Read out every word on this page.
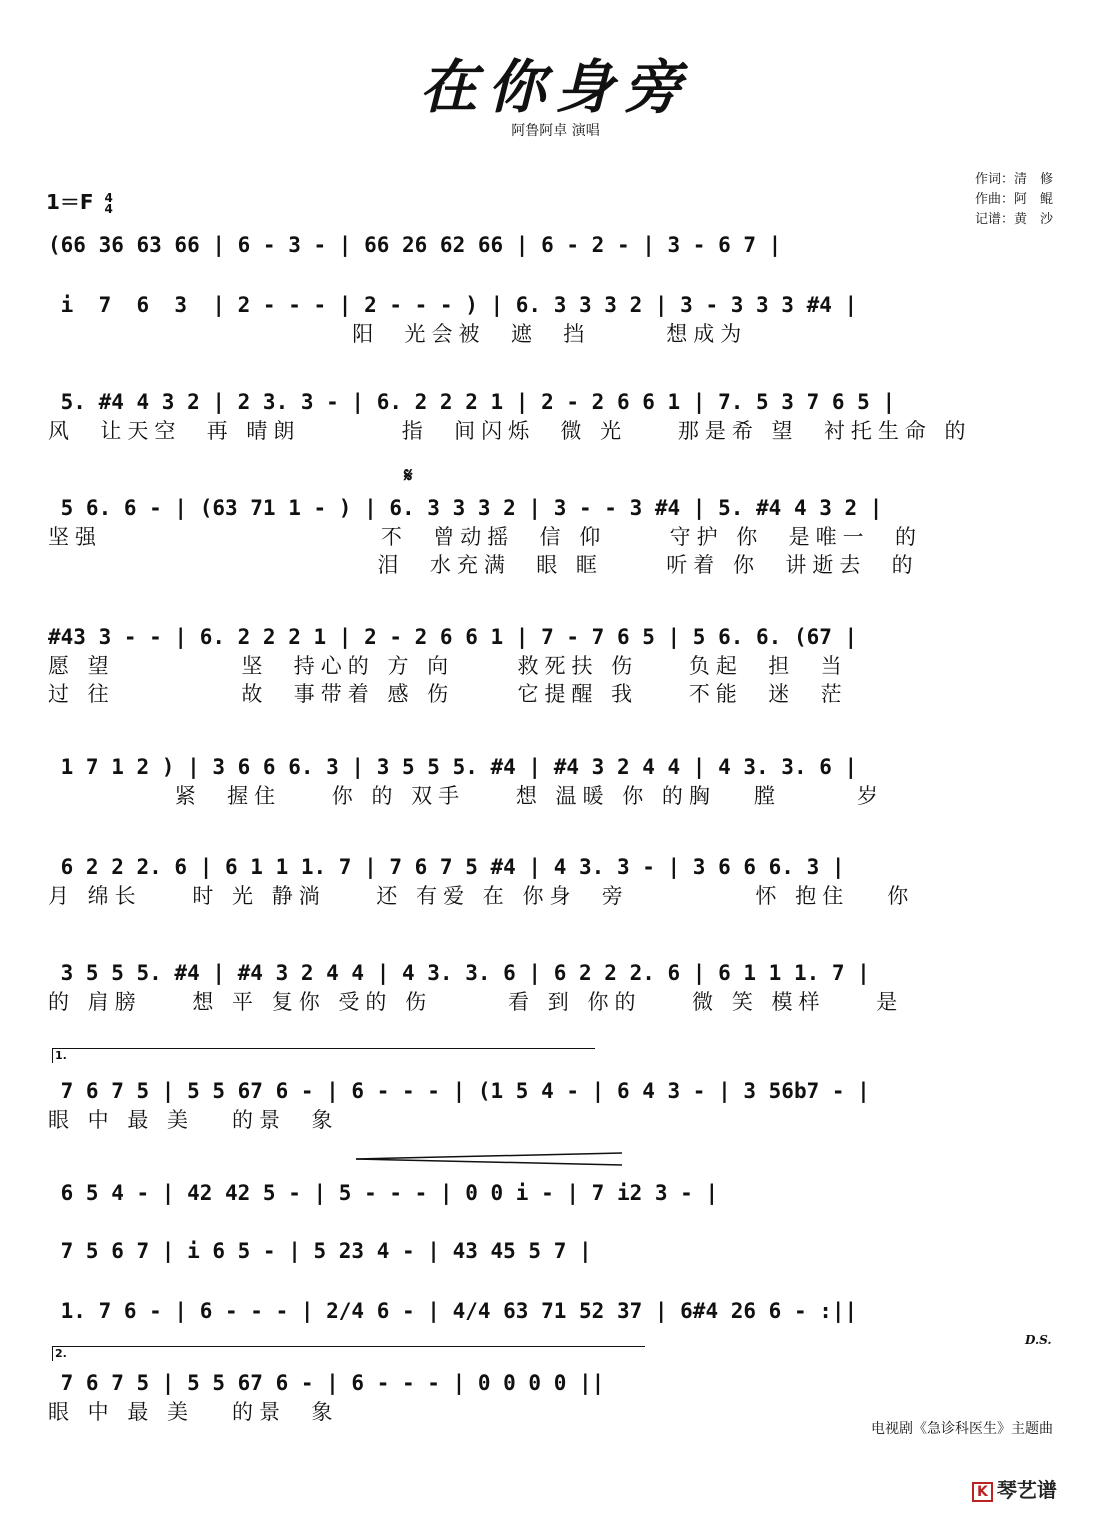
在你身旁
阿鲁阿卓 演唱
作词：清　修
作曲：阿　鲲
记谱：黄　沙
1＝F 4
4
𝄋
1.
2.
D.S.
(66 36 63 66 | 6 - 3 - | 66 26 62 66 | 6 - 2 - | 3 - 6 7 |
i  7  6  3  | 2 - - - | 2 - - - ) | 6. 3 3 3 2 | 3 - 3 3 3 #4 |
阳  光会被  遮  挡      想成为
5. #4 4 3 2 | 2 3. 3 - | 6. 2 2 2 1 | 2 - 2 6 6 1 | 7. 5 3 7 6 5 |
风  让天空  再 晴朗        指  间闪烁  微 光    那是希 望  衬托生命 的
5 6. 6 - | (63 71 1 - ) | 6. 3 3 3 2 | 3 - - 3 #4 | 5. #4 4 3 2 |
坚强                      不  曾动摇  信 仰     守护 你  是唯一  的
泪  水充满  眼 眶     听着 你  讲逝去  的
#43 3 - - | 6. 2 2 2 1 | 2 - 2 6 6 1 | 7 - 7 6 5 | 5 6. 6. (67 |
愿 望          坚  持心的 方 向     救死扶 伤    负起  担  当
过 往          故  事带着 感 伤     它提醒 我    不能  迷  茫
1 7 1 2 ) | 3 6 6 6. 3 | 3 5 5 5. #4 | #4 3 2 4 4 | 4 3. 3. 6 |
紧  握住    你 的 双手    想 温暖 你 的胸   膛      岁
6 2 2 2. 6 | 6 1 1 1. 7 | 7 6 7 5 #4 | 4 3. 3 - | 3 6 6 6. 3 |
月 绵长    时 光 静淌    还 有爱 在 你身  旁          怀 抱住   你
3 5 5 5. #4 | #4 3 2 4 4 | 4 3. 3. 6 | 6 2 2 2. 6 | 6 1 1 1. 7 |
的 肩膀    想 平 复你 受的 伤      看 到 你的    微 笑 模样    是
7 6 7 5 | 5 5 67 6 - | 6 - - - | (1 5 4 - | 6 4 3 - | 3 56b7 - |
眼 中 最 美   的景  象
6 5 4 - | 42 42 5 - | 5 - - - | 0 0 i - | 7 i2 3 - |
7 5 6 7 | i 6 5 - | 5 23 4 - | 43 45 5 7 |
1. 7 6 - | 6 - - - | 2/4 6 - | 4/4 63 71 52 37 | 6#4 26 6 - :||
7 6 7 5 | 5 5 67 6 - | 6 - - - | 0 0 0 0 ||
眼 中 最 美   的景  象
电视剧《急诊科医生》主题曲
K 琴艺谱
